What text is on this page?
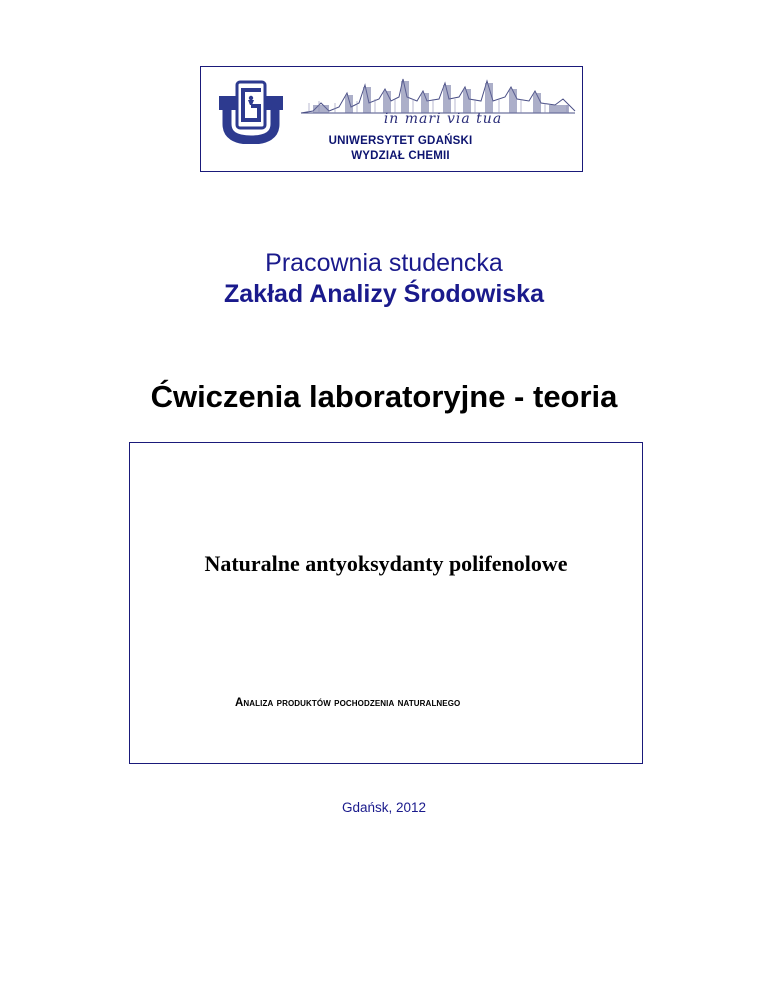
in mari via tua
UNIWERSYTET GDAŃSKI
WYDZIAŁ CHEMII
Pracownia studencka
Zakład Analizy Środowiska
Ćwiczenia laboratoryjne - teoria
Naturalne antyoksydanty polifenolowe
Analiza produktów pochodzenia naturalnego
Gdańsk, 2012
